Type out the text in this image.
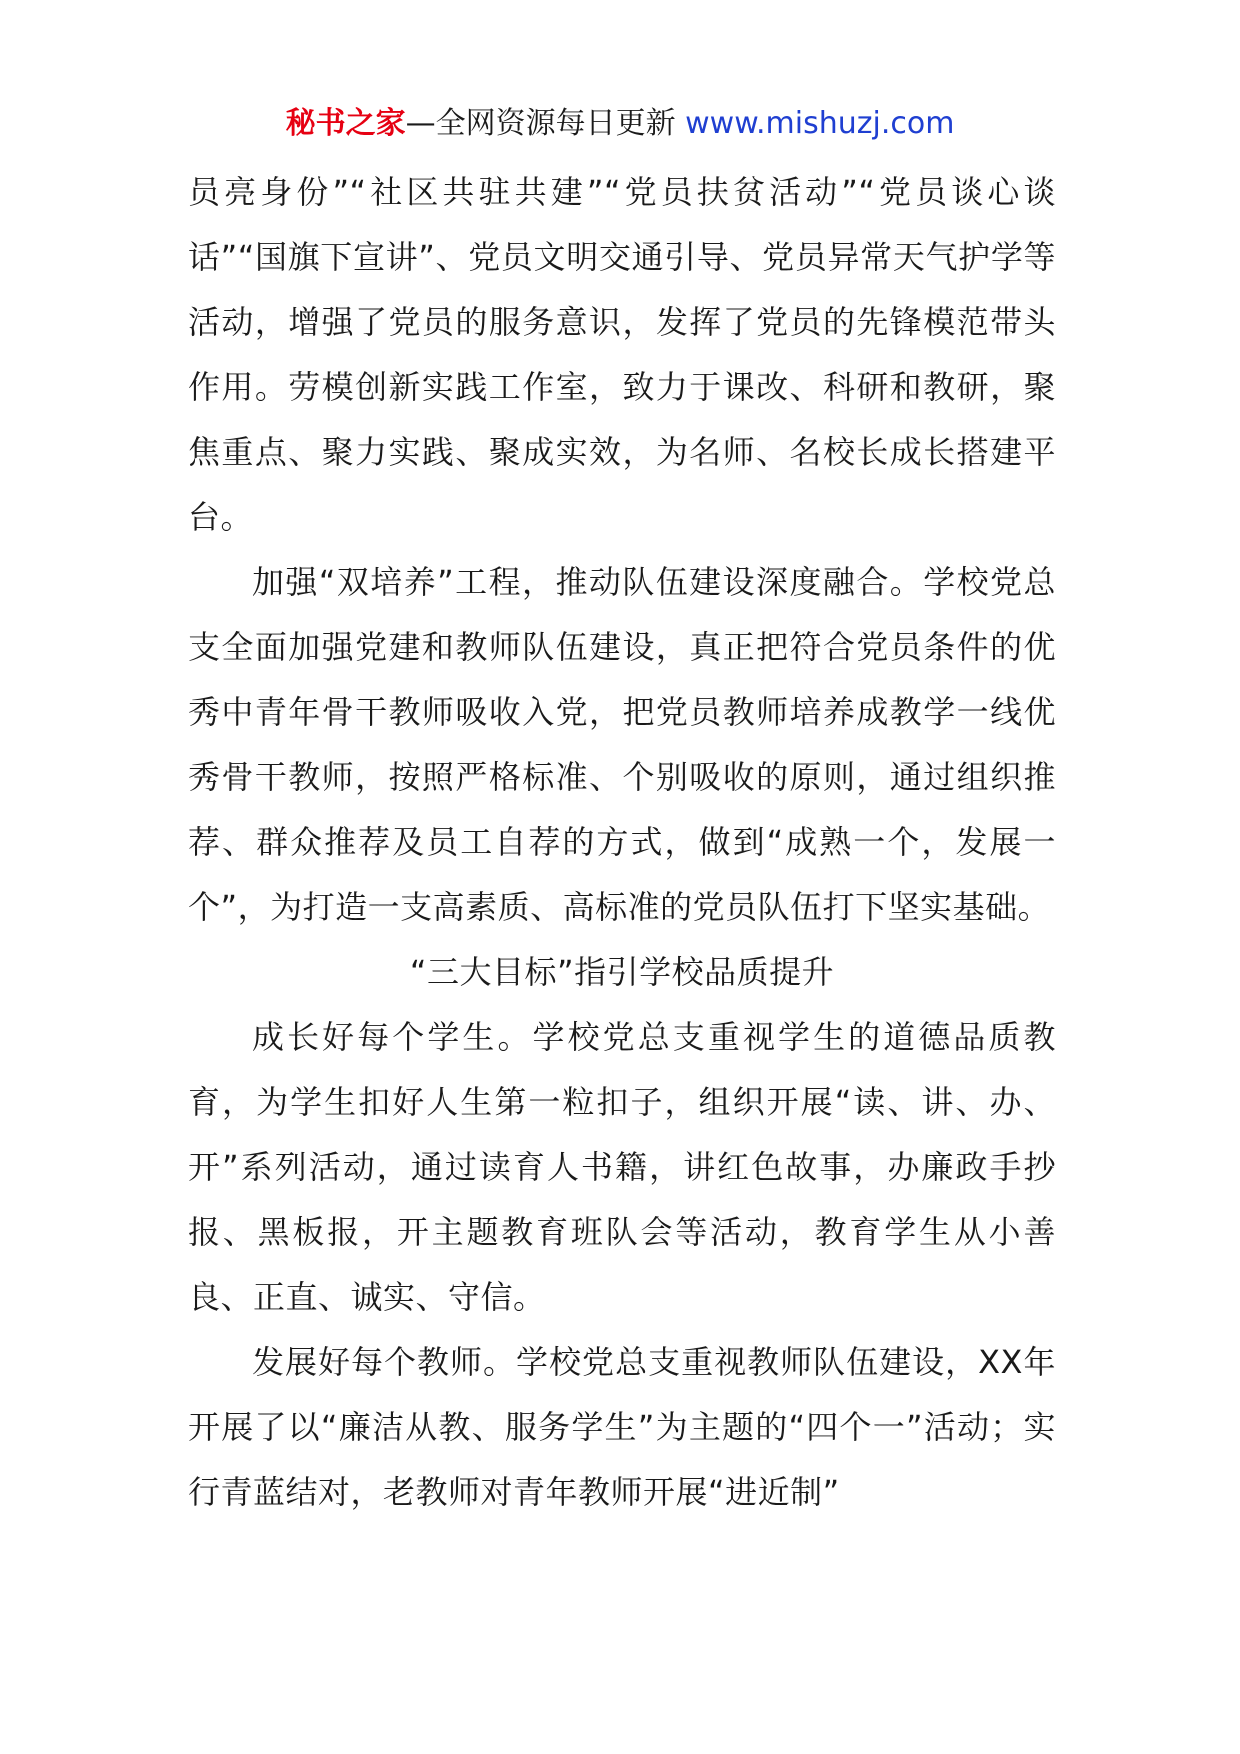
秘书之家—全网资源每日更新 www.mishuzj.com

员亮身份”“社区共驻共建”“党员扶贫活动”“党员谈心谈话”“国旗下宣讲”、党员文明交通引导、党员异常天气护学等活动，增强了党员的服务意识，发挥了党员的先锋模范带头作用。劳模创新实践工作室，致力于课改、科研和教研，聚焦重点、聚力实践、聚成实效，为名师、名校长成长搭建平台。

加强“双培养”工程，推动队伍建设深度融合。学校党总支全面加强党建和教师队伍建设，真正把符合党员条件的优秀中青年骨干教师吸收入党，把党员教师培养成教学一线优秀骨干教师，按照严格标准、个别吸收的原则，通过组织推荐、群众推荐及员工自荐的方式，做到“成熟一个，发展一个”，为打造一支高素质、高标准的党员队伍打下坚实基础。

“三大目标”指引学校品质提升

成长好每个学生。学校党总支重视学生的道德品质教育，为学生扣好人生第一粒扣子，组织开展“读、讲、办、开”系列活动，通过读育人书籍，讲红色故事，办廉政手抄报、黑板报，开主题教育班队会等活动，教育学生从小善良、正直、诚实、守信。

发展好每个教师。学校党总支重视教师队伍建设，XX年开展了以“廉洁从教、服务学生”为主题的“四个一”活动；实行青蓝结对，老教师对青年教师开展“进近制”
